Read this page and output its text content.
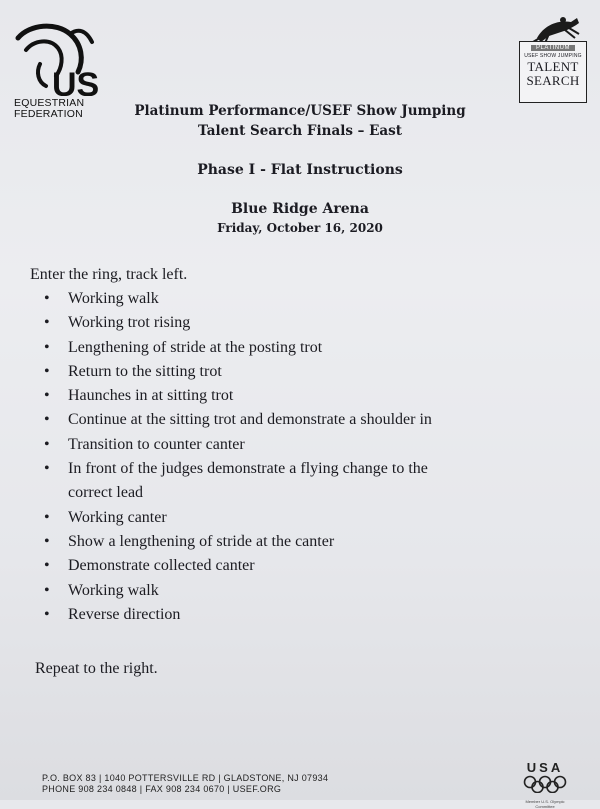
US
EQUESTRIAN
FEDERATION
PLATINUM
USEF SHOW JUMPING
TALENT
SEARCH
Platinum Performance/USEF Show Jumping
Talent Search Finals – East
Phase I - Flat Instructions
Blue Ridge Arena
Friday, October 16, 2020
Enter the ring, track left.
• Working walk
• Working trot rising
• Lengthening of stride at the posting trot
• Return to the sitting trot
• Haunches in at sitting trot
• Continue at the sitting trot and demonstrate a shoulder in
• Transition to counter canter
• In front of the judges demonstrate a flying change to the
correct lead
• Working canter
• Show a lengthening of stride at the canter
• Demonstrate collected canter
• Working walk
• Reverse direction
Repeat to the right.
P.O. BOX 83 | 1040 POTTERSVILLE RD | GLADSTONE, NJ 07934
PHONE 908 234 0848 | FAX 908 234 0670 | USEF.ORG
USA
Member U.S. Olympic Committee
